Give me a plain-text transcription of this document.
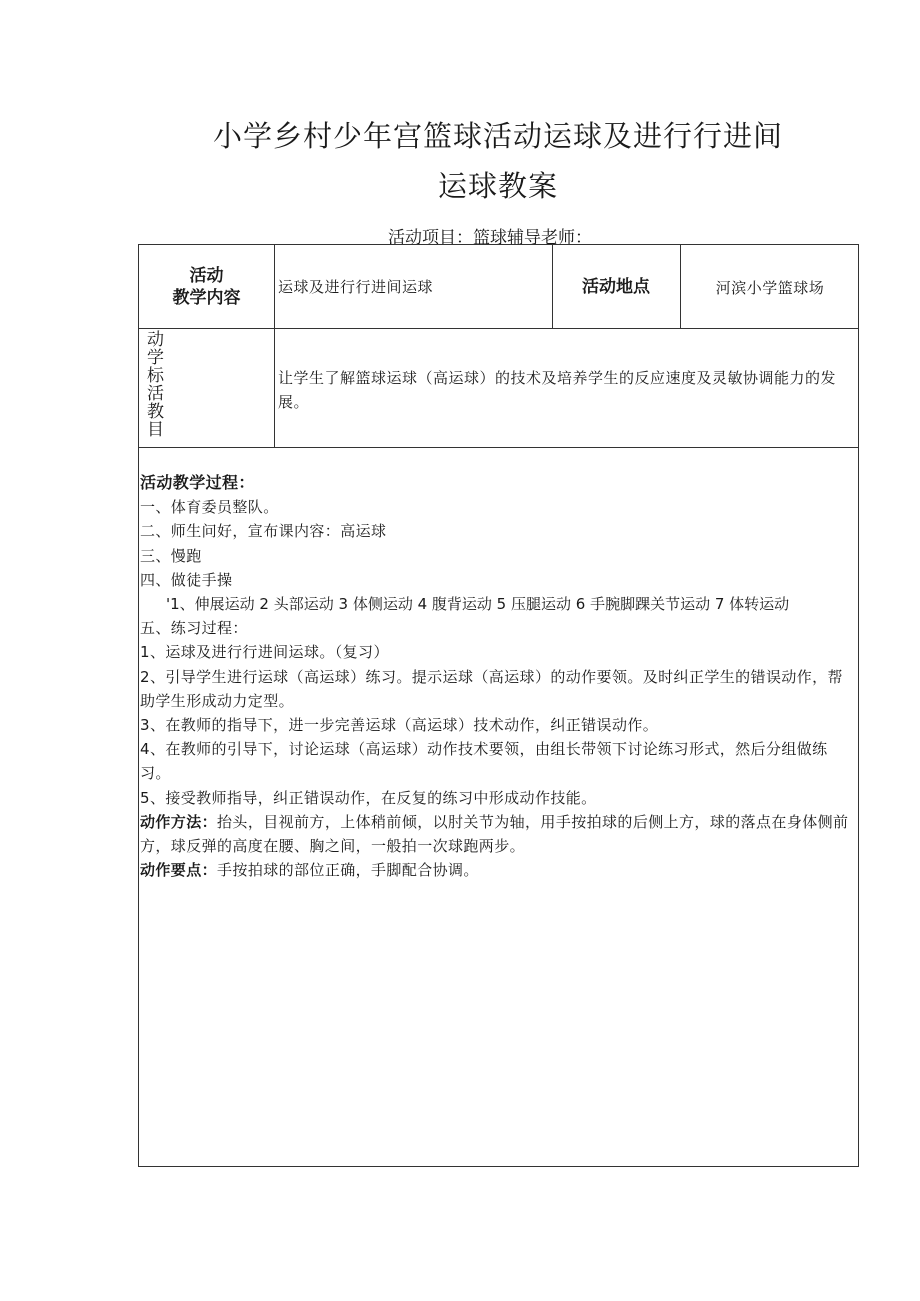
小学乡村少年宫篮球活动运球及进行行进间
运球教案
活动项目：篮球辅导老师：
活动
教学内容
运球及进行行进间运球	活动地点	河滨小学篮球场
动
学
标
活
教
目
让学生了解篮球运球（高运球）的技术及培养学生的反应速度及灵敏协调能力的发展。
活动教学过程：
一、体育委员整队。
二、师生问好，宣布课内容：高运球
三、慢跑
四、做徒手操
'1、伸展运动 2 头部运动 3 体侧运动 4 腹背运动 5 压腿运动 6 手腕脚踝关节运动 7 体转运动
五、练习过程：
1、运球及进行行进间运球。（复习）
2、引导学生进行运球（高运球）练习。提示运球（高运球）的动作要领。及时纠正学生的错误动作，帮助学生形成动力定型。
3、在教师的指导下，进一步完善运球（高运球）技术动作，纠正错误动作。
4、在教师的引导下，讨论运球（高运球）动作技术要领，由组长带领下讨论练习形式，然后分组做练习。
5、接受教师指导，纠正错误动作，在反复的练习中形成动作技能。
动作方法：抬头，目视前方，上体稍前倾，以肘关节为轴，用手按拍球的后侧上方，球的落点在身体侧前方，球反弹的高度在腰、胸之间，一般拍一次球跑两步。
动作要点：手按拍球的部位正确，手脚配合协调。
